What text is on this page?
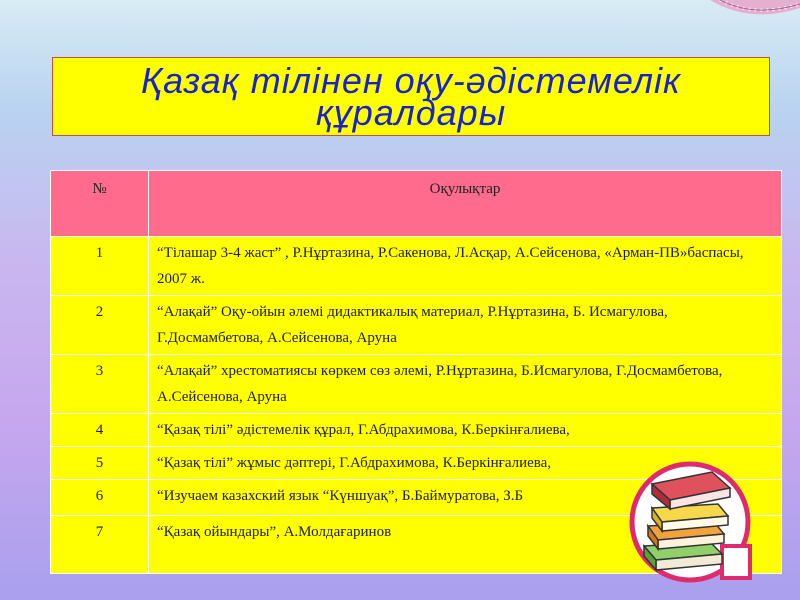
Қазақ тілінен оқу-әдістемелік құралдары
№	Оқулықтар
1	“Тілашар 3-4 жаст” , Р.Нұртазина, Р.Сакенова, Л.Асқар, А.Сейсенова, «Арман-ПВ»баспасы, 2007 ж.
2	“Алақай” Оқу-ойын әлемі дидактикалық материал, Р.Нұртазина, Б. Исмагулова, Г.Досмамбетова, А.Сейсенова, Аруна
3	“Алақай” хрестоматиясы көркем сөз әлемі, Р.Нұртазина, Б.Исмагулова, Г.Досмамбетова, А.Сейсенова, Аруна
4	“Қазақ тілі” әдістемелік құрал, Г.Абдрахимова, К.Беркінғалиева,
5	“Қазақ тілі” жұмыс дәптері, Г.Абдрахимова, К.Беркінғалиева,
6	“Изучаем казахский язык “Күншуақ”, Б.Баймуратова, З.Б
7	“Қазақ ойындары”, А.Молдағаринов
